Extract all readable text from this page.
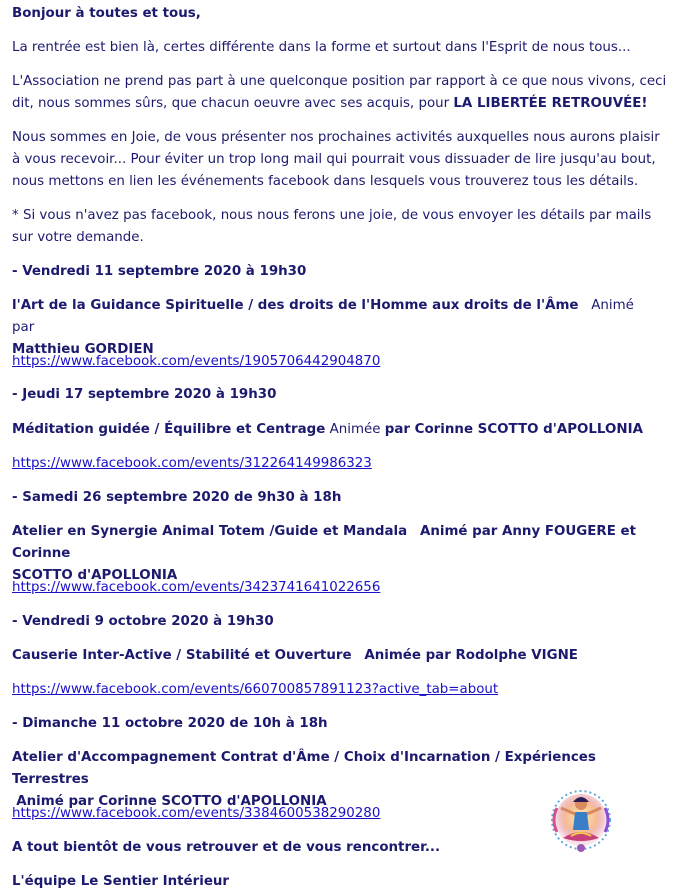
Bonjour à toutes et tous,

La rentrée est bien là, certes différente dans la forme et surtout dans l'Esprit de nous tous...

L'Association ne prend pas part à une quelconque position par rapport à ce que nous vivons, ceci dit, nous sommes sûrs, que chacun oeuvre avec ses acquis, pour LA LIBERTÉE RETROUVÉE!

Nous sommes en Joie, de vous présenter nos prochaines activités auxquelles nous aurons plaisir à vous recevoir... Pour éviter un trop long mail qui pourrait vous dissuader de lire jusqu'au bout, nous mettons en lien les événements facebook dans lesquels vous trouverez tous les détails.

* Si vous n'avez pas facebook, nous nous ferons une joie, de vous envoyer les détails par mails sur votre demande.

- Vendredi 11 septembre 2020 à 19h30

l'Art de la Guidance Spirituelle / des droits de l'Homme aux droits de l'Âme Animé par
Matthieu GORDIEN

https://www.facebook.com/events/1905706442904870

- Jeudi 17 septembre 2020 à 19h30

Méditation guidée / Équilibre et Centrage Animée par Corinne SCOTTO d'APOLLONIA

https://www.facebook.com/events/312264149986323

- Samedi 26 septembre 2020 de 9h30 à 18h

Atelier en Synergie Animal Totem /Guide et Mandala Animé par Anny FOUGERE et Corinne
SCOTTO d'APOLLONIA

https://www.facebook.com/events/3423741641022656

- Vendredi 9 octobre 2020 à 19h30

Causerie Inter-Active / Stabilité et Ouverture Animée par Rodolphe VIGNE

https://www.facebook.com/events/660700857891123?active_tab=about

- Dimanche 11 octobre 2020 de 10h à 18h

Atelier d'Accompagnement Contrat d'Âme / Choix d'Incarnation / Expériences Terrestres
Animé par Corinne SCOTTO d'APOLLONIA

https://www.facebook.com/events/3384600538290280

A tout bientôt de vous retrouver et de vous rencontrer...

L'équipe Le Sentier Intérieur
